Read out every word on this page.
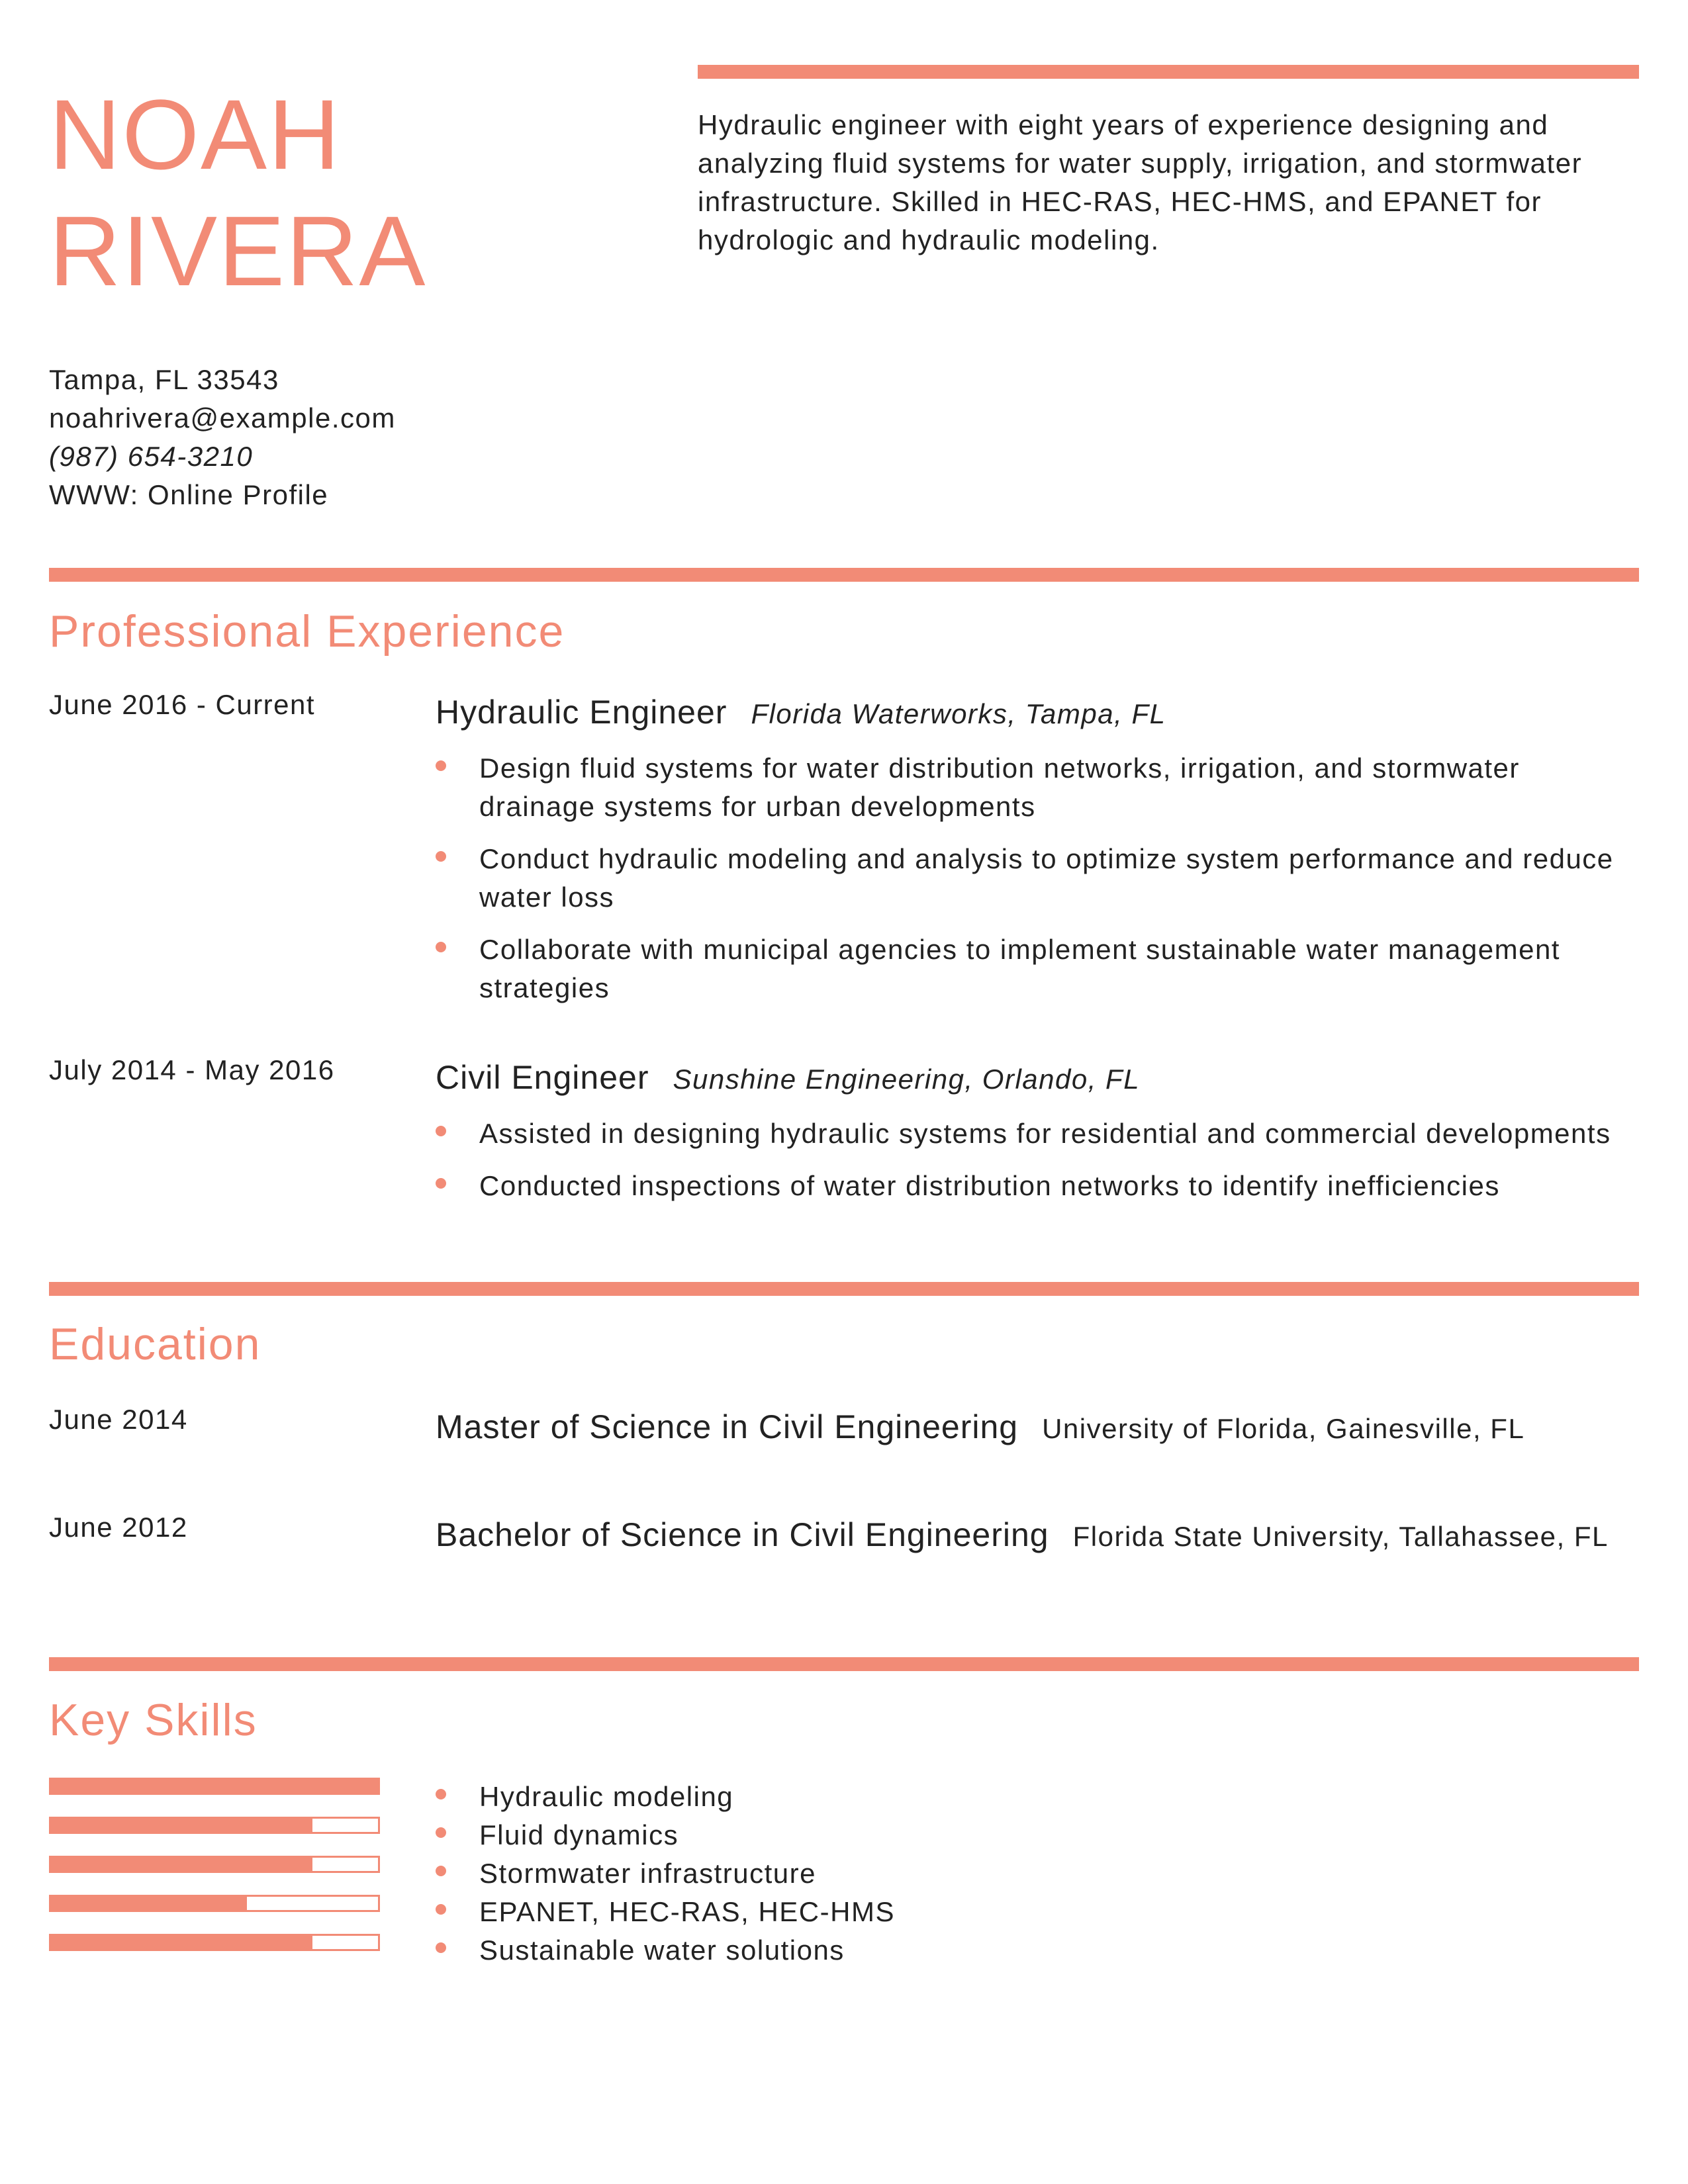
NOAH
RIVERA

Hydraulic engineer with eight years of experience designing and analyzing fluid systems for water supply, irrigation, and stormwater infrastructure. Skilled in HEC-RAS, HEC-HMS, and EPANET for hydrologic and hydraulic modeling.

Tampa, FL 33543
noahrivera@example.com
(987) 654-3210
WWW: Online Profile
Professional Experience
June 2016 - Current	Hydraulic Engineer Florida Waterworks, Tampa, FL
Design fluid systems for water distribution networks, irrigation, and stormwater drainage systems for urban developments
Conduct hydraulic modeling and analysis to optimize system performance and reduce water loss
Collaborate with municipal agencies to implement sustainable water management strategies
July 2014 - May 2016	Civil Engineer Sunshine Engineering, Orlando, FL
Assisted in designing hydraulic systems for residential and commercial developments
Conducted inspections of water distribution networks to identify inefficiencies
Education
June 2014	Master of Science in Civil Engineering University of Florida, Gainesville, FL
June 2012	Bachelor of Science in Civil Engineering Florida State University, Tallahassee, FL
Key Skills
Hydraulic modeling
Fluid dynamics
Stormwater infrastructure
EPANET, HEC-RAS, HEC-HMS
Sustainable water solutions
